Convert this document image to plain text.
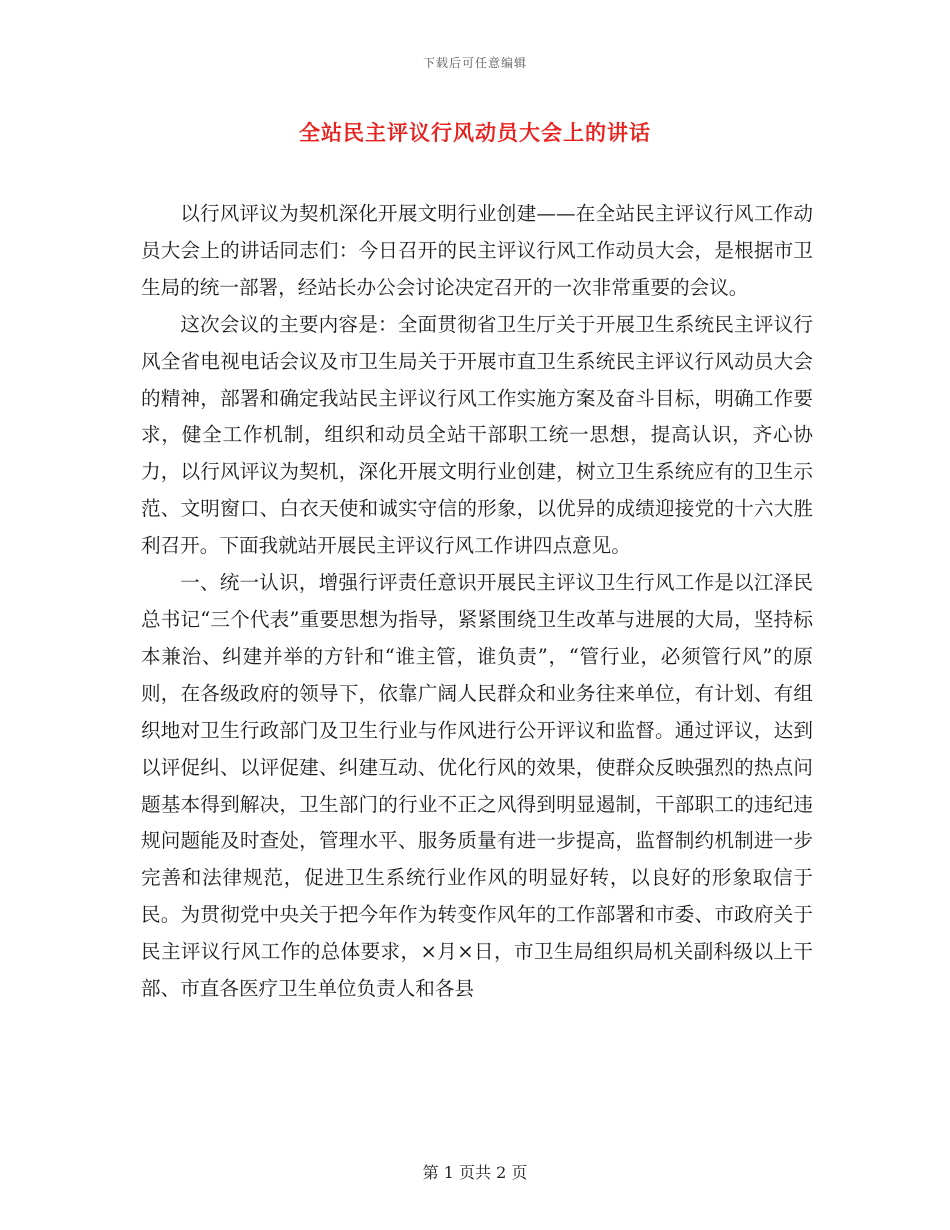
下载后可任意编辑
全站民主评议行风动员大会上的讲话

以行风评议为契机深化开展文明行业创建——在全站民主评议行风工作动员大会上的讲话同志们：今日召开的民主评议行风工作动员大会，是根据市卫生局的统一部署，经站长办公会讨论决定召开的一次非常重要的会议。

这次会议的主要内容是：全面贯彻省卫生厅关于开展卫生系统民主评议行风全省电视电话会议及市卫生局关于开展市直卫生系统民主评议行风动员大会的精神，部署和确定我站民主评议行风工作实施方案及奋斗目标，明确工作要求，健全工作机制，组织和动员全站干部职工统一思想，提高认识，齐心协力，以行风评议为契机，深化开展文明行业创建，树立卫生系统应有的卫生示范、文明窗口、白衣天使和诚实守信的形象，以优异的成绩迎接党的十六大胜利召开。下面我就站开展民主评议行风工作讲四点意见。

一、统一认识，增强行评责任意识开展民主评议卫生行风工作是以江泽民总书记“三个代表”重要思想为指导，紧紧围绕卫生改革与进展的大局，坚持标本兼治、纠建并举的方针和“谁主管，谁负责”，“管行业，必须管行风”的原则，在各级政府的领导下，依靠广阔人民群众和业务往来单位，有计划、有组织地对卫生行政部门及卫生行业与作风进行公开评议和监督。通过评议，达到以评促纠、以评促建、纠建互动、优化行风的效果，使群众反映强烈的热点问题基本得到解决，卫生部门的行业不正之风得到明显遏制，干部职工的违纪违规问题能及时查处，管理水平、服务质量有进一步提高，监督制约机制进一步完善和法律规范，促进卫生系统行业作风的明显好转，以良好的形象取信于民。为贯彻党中央关于把今年作为转变作风年的工作部署和市委、市政府关于民主评议行风工作的总体要求，×月×日，市卫生局组织局机关副科级以上干部、市直各医疗卫生单位负责人和各县

第 1 页共 2 页
